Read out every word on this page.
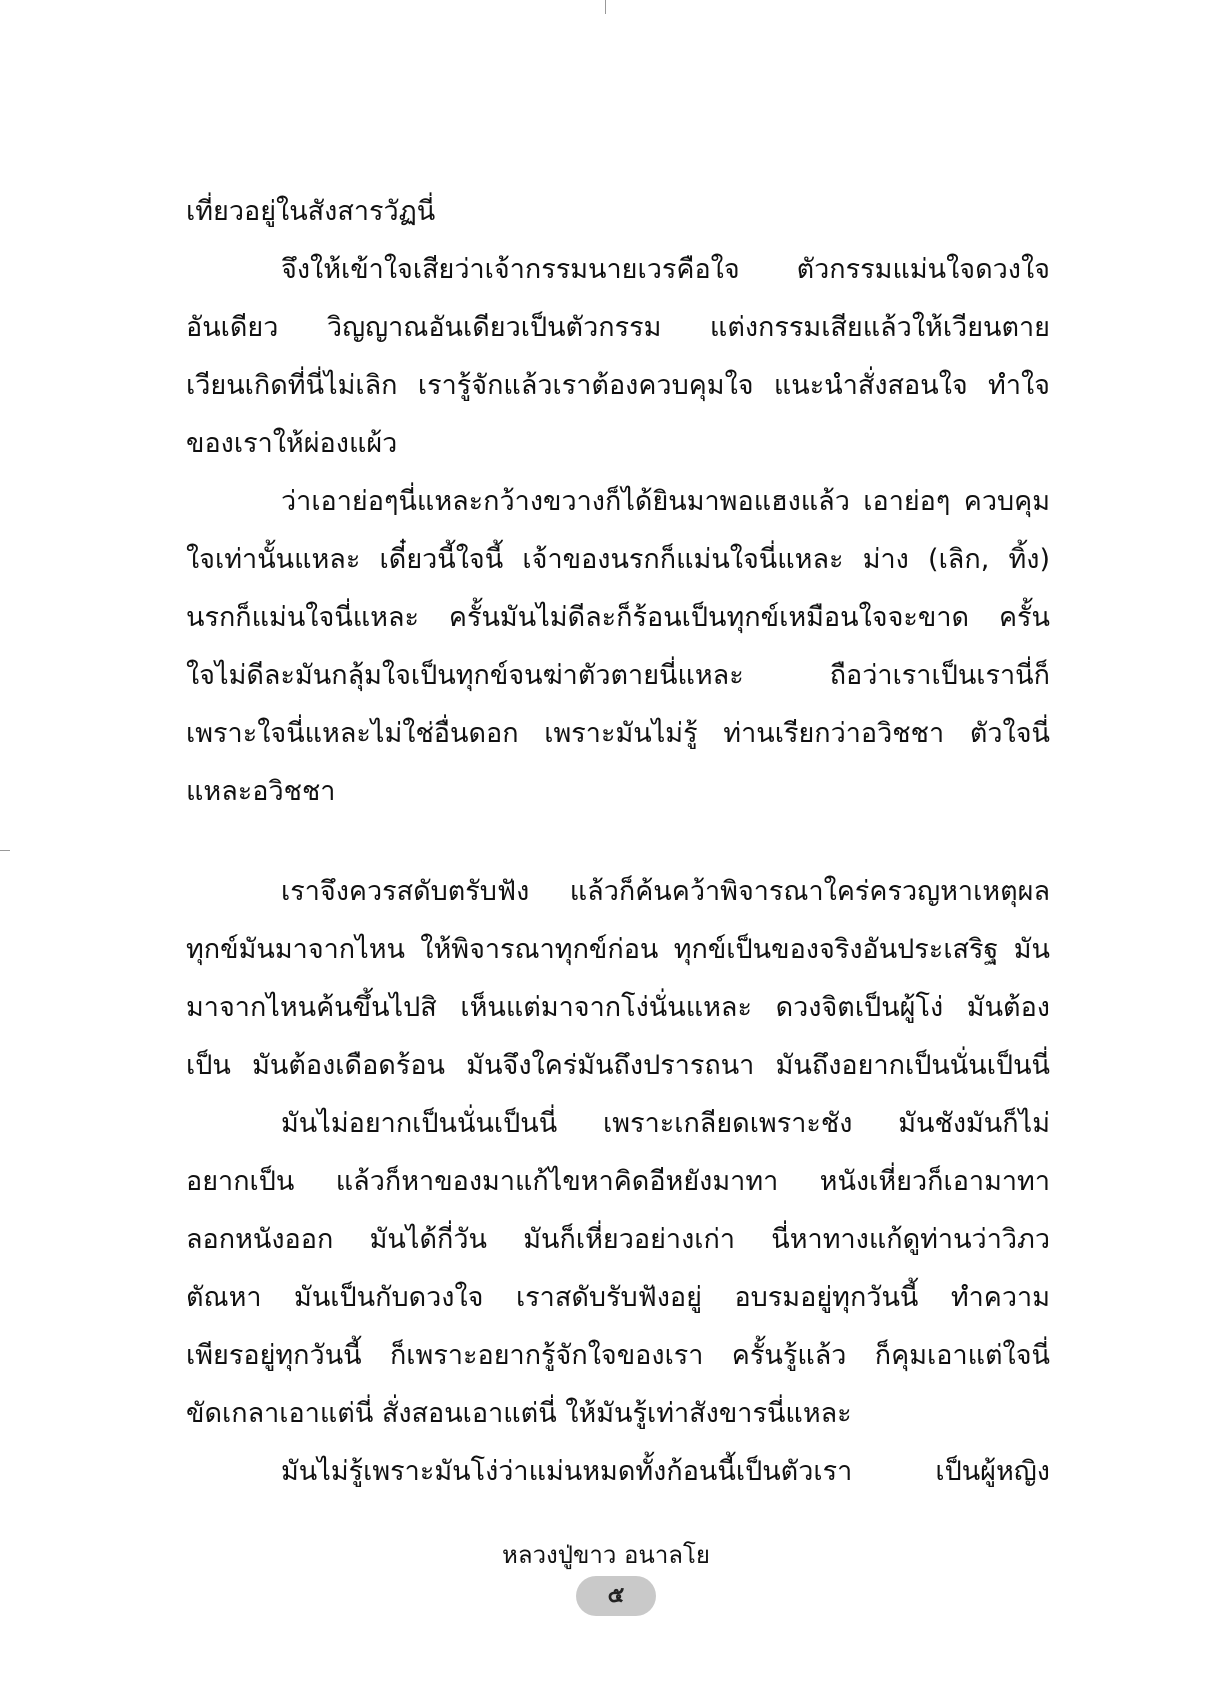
เที่ยวอยู่ในสังสารวัฏนี่
จึงให้เข้าใจเสียว่าเจ้ากรรมนายเวรคือใจ ตัวกรรมแม่นใจดวงใจ
อันเดียว วิญญาณอันเดียวเป็นตัวกรรม แต่งกรรมเสียแล้วให้เวียนตาย
เวียนเกิดที่นี่ไม่เลิก เรารู้จักแล้วเราต้องควบคุมใจ แนะนำสั่งสอนใจ ทำใจ
ของเราให้ผ่องแผ้ว
ว่าเอาย่อๆนี่แหละกว้างขวางก็ได้ยินมาพอแฮงแล้ว เอาย่อๆ ควบคุม
ใจเท่านั้นแหละ เดี๋ยวนี้ใจนี้ เจ้าของนรกก็แม่นใจนี่แหละ ม่าง (เลิก, ทิ้ง)
นรกก็แม่นใจนี่แหละ ครั้นมันไม่ดีละก็ร้อนเป็นทุกข์เหมือนใจจะขาด ครั้น
ใจไม่ดีละมันกลุ้มใจเป็นทุกข์จนฆ่าตัวตายนี่แหละ ถือว่าเราเป็นเรานี่ก็
เพราะใจนี่แหละไม่ใช่อื่นดอก เพราะมันไม่รู้ ท่านเรียกว่าอวิชชา ตัวใจนี่
แหละอวิชชา
เราจึงควรสดับตรับฟัง แล้วก็ค้นคว้าพิจารณาใคร่ครวญหาเหตุผล
ทุกข์มันมาจากไหน ให้พิจารณาทุกข์ก่อน ทุกข์เป็นของจริงอันประเสริฐ มัน
มาจากไหนค้นขึ้นไปสิ เห็นแต่มาจากโง่นั่นแหละ ดวงจิตเป็นผู้โง่ มันต้อง
เป็น มันต้องเดือดร้อน มันจึงใคร่มันถึงปรารถนา มันถึงอยากเป็นนั่นเป็นนี่
มันไม่อยากเป็นนั่นเป็นนี่ เพราะเกลียดเพราะชัง มันชังมันก็ไม่
อยากเป็น แล้วก็หาของมาแก้ไขหาคิดอีหยังมาทา หนังเหี่ยวก็เอามาทา
ลอกหนังออก มันได้กี่วัน มันก็เหี่ยวอย่างเก่า นี่หาทางแก้ดูท่านว่าวิภว
ตัณหา มันเป็นกับดวงใจ เราสดับรับฟังอยู่ อบรมอยู่ทุกวันนี้ ทำความ
เพียรอยู่ทุกวันนี้ ก็เพราะอยากรู้จักใจของเรา ครั้นรู้แล้ว ก็คุมเอาแต่ใจนี่
ขัดเกลาเอาแต่นี่ สั่งสอนเอาแต่นี่ ให้มันรู้เท่าสังขารนี่แหละ
มันไม่รู้เพราะมันโง่ว่าแม่นหมดทั้งก้อนนี้เป็นตัวเรา เป็นผู้หญิง
หลวงปู่ขาว อนาลโย
๕
